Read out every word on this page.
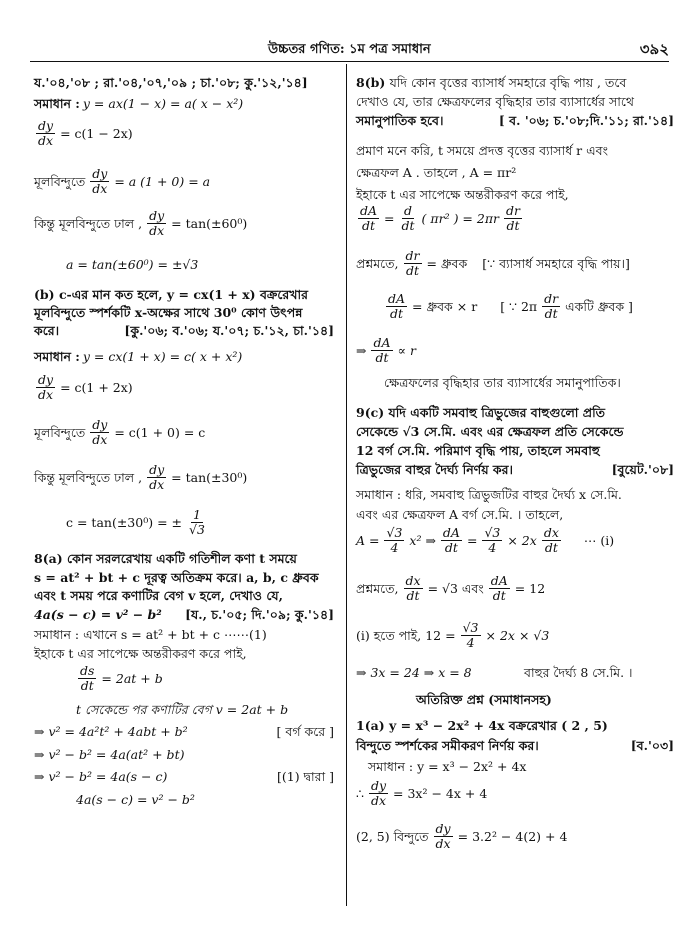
উচ্চতর গণিত: ১ম পত্র সমাধান	৩৯২
য.'০৪,'০৮ ; রা.'০৪,'০৭,'০৯ ; চা.'০৮; কু.'১২,'১৪]
সমাধান : y = ax(1 − x) = a( x − x²)
$\frac{dy}{dx} = c(1 - 2x)$
মূলবিন্দুতে $\frac{dy}{dx} = a$ (1 + 0) = a
কিন্তু মূলবিন্দুতে ঢাল , $\frac{dy}{dx} = \tan(\pm 60^0)$
a = tan(±60⁰) = ±√3
(b) c-এর মান কত হলে, y = cx(1 + x) বক্ররেখার
মূলবিন্দুতে স্পর্শকটি x-অক্ষের সাথে 30⁰ কোণ উৎপন্ন
করে।	[কু.'০৬; ব.'০৬; য.'০৭; চ.'১২, চা.'১৪]
সমাধান : y = cx(1 + x) = c( x + x²)
$\frac{dy}{dx} = c(1 + 2x)$
মূলবিন্দুতে $\frac{dy}{dx} = c(1 + 0) = c$
কিন্তু মূলবিন্দুতে ঢাল , $\frac{dy}{dx} = \tan(\pm 30^0)$
c = tan(±30⁰) = ± $\frac{1}{√3}$
8(a) কোন সরলরেখায় একটি গতিশীল কণা t সময়ে
s = at² + bt + c দূরত্ব অতিক্রম করে। a, b, c ধ্রুবক
এবং t সময় পরে কণাটির বেগ v হলে, দেখাও যে,
4a(s − c) = v² − b² [য., চ.'০৫; দি.'০৯; কু.'১৪]
সমাধান : এখানে s = at² + bt + c ⋯⋯(1)
ইহাকে t এর সাপেক্ষে অন্তরীকরণ করে পাই,
$\frac{ds}{dt} = 2at + b$
t সেকেন্ডে পর কণাটির বেগ v = 2at + b
⇒ v² = 4a²t² + 4abt + b²	[ বর্গ করে ]
⇒ v² − b² = 4a(at² + bt)
⇒ v² − b² = 4a(s − c)	[(1) দ্বারা ]
4a(s − c) = v² − b²
8(b) যদি কোন বৃত্তের ব্যাসার্ধ সমহারে বৃদ্ধি পায় , তবে
দেখাও যে, তার ক্ষেত্রফলের বৃদ্ধিহার তার ব্যাসার্ধের সাথে
সমানুপাতিক হবে।	[ ব. '০৬; চ.'০৮;দি.'১১; রা.'১৪]
প্রমাণ মনে করি, t সময়ে প্রদত্ত বৃত্তের ব্যাসার্ধ r এবং
ক্ষেত্রফল A . তাহলে , A = πr²
ইহাকে t এর সাপেক্ষে অন্তরীকরণ করে পাই,
$\frac{dA}{dt} = \frac{d}{dt}$ ( πr² ) = $2\pi r \frac{dr}{dt}$
প্রশ্নমতে, $\frac{dr}{dt}$ = ধ্রুবক [∵ ব্যাসার্ধ সমহারে বৃদ্ধি পায়।]
$\frac{dA}{dt}$ = ধ্রুবক × r [ ∵ $2\pi \frac{dr}{dt}$ একটি ধ্রুবক ]
⇒ $\frac{dA}{dt} \propto r$
ক্ষেত্রফলের বৃদ্ধিহার তার ব্যাসার্ধের সমানুপাতিক।
9(c) যদি একটি সমবাহু ত্রিভুজের বাহুগুলো প্রতি
সেকেন্ডে √3 সে.মি. এবং এর ক্ষেত্রফল প্রতি সেকেন্ডে
12 বর্গ সে.মি. পরিমাণ বৃদ্ধি পায়, তাহলে সমবাহু
ত্রিভুজের বাহুর দৈর্ঘ্য নির্ণয় কর।	[বুয়েট.'০৮]
সমাধান : ধরি, সমবাহু ত্রিভুজটির বাহুর দৈর্ঘ্য x সে.মি.
এবং এর ক্ষেত্রফল A বর্গ সে.মি. । তাহলে,
$A = \frac{√3}{4} x^2$ ⇒ $\frac{dA}{dt} = \frac{√3}{4} \times 2x \frac{dx}{dt}$ ⋯ (i)
প্রশ্নমতে, $\frac{dx}{dt} = √3$ এবং $\frac{dA}{dt} = 12$
(i) হতে পাই, $12 = \frac{√3}{4} \times 2x \times √3$
⇒ 3x = 24 ⇒ x = 8	বাহুর দৈর্ঘ্য 8 সে.মি. ।
অতিরিক্ত প্রশ্ন (সমাধানসহ)
1(a) y = x³ − 2x² + 4x বক্ররেখার ( 2 , 5)
বিন্দুতে স্পর্শকের সমীকরণ নির্ণয় কর।	[ব.'০৩]
সমাধান : y = x³ − 2x² + 4x
∴ $\frac{dy}{dx} = 3x^2 - 4x + 4$
(2, 5) বিন্দুতে $\frac{dy}{dx} = 3.2^2 - 4(2) + 4$
